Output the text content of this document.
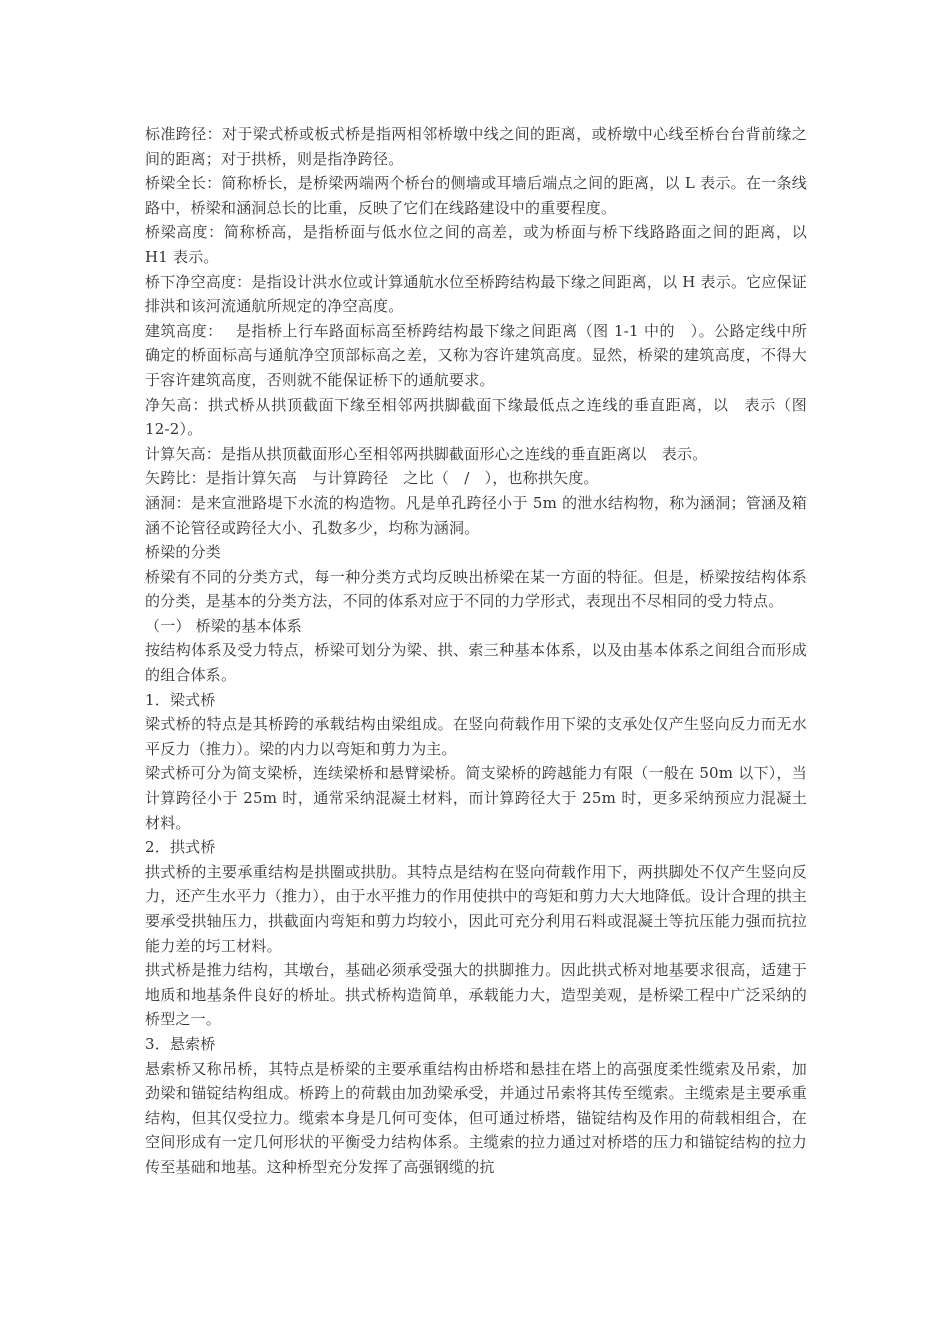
标准跨径：对于梁式桥或板式桥是指两相邻桥墩中线之间的距离，或桥墩中心线至桥台台背前缘之间的距离；对于拱桥，则是指净跨径。

桥梁全长：简称桥长，是桥梁两端两个桥台的侧墙或耳墙后端点之间的距离，以 L 表示。在一条线路中，桥梁和涵洞总长的比重，反映了它们在线路建设中的重要程度。

桥梁高度：简称桥高，是指桥面与低水位之间的高差，或为桥面与桥下线路路面之间的距离，以 H1 表示。

桥下净空高度：是指设计洪水位或计算通航水位至桥跨结构最下缘之间距离，以 H 表示。它应保证排洪和该河流通航所规定的净空高度。

建筑高度：　 是指桥上行车路面标高至桥跨结构最下缘之间距离（图 1-1 中的　）。公路定线中所确定的桥面标高与通航净空顶部标高之差，又称为容许建筑高度。显然，桥梁的建筑高度，不得大于容许建筑高度，否则就不能保证桥下的通航要求。

净矢高：拱式桥从拱顶截面下缘至相邻两拱脚截面下缘最低点之连线的垂直距离，以　表示（图 12-2）。

计算矢高：是指从拱顶截面形心至相邻两拱脚截面形心之连线的垂直距离以　表示。

矢跨比：是指计算矢高　与计算跨径　之比（　/　），也称拱矢度。

涵洞：是来宣泄路堤下水流的构造物。凡是单孔跨径小于 5m 的泄水结构物，称为涵洞；管涵及箱涵不论管径或跨径大小、孔数多少，均称为涵洞。

桥梁的分类

桥梁有不同的分类方式，每一种分类方式均反映出桥梁在某一方面的特征。但是，桥梁按结构体系的分类，是基本的分类方法，不同的体系对应于不同的力学形式，表现出不尽相同的受力特点。

（一） 桥梁的基本体系

按结构体系及受力特点，桥梁可划分为梁、拱、索三种基本体系，以及由基本体系之间组合而形成的组合体系。

1．梁式桥

梁式桥的特点是其桥跨的承载结构由梁组成。在竖向荷载作用下梁的支承处仅产生竖向反力而无水平反力（推力）。梁的内力以弯矩和剪力为主。

梁式桥可分为简支梁桥，连续梁桥和悬臂梁桥。简支梁桥的跨越能力有限（一般在 50m 以下），当计算跨径小于 25m 时，通常采纳混凝土材料，而计算跨径大于 25m 时，更多采纳预应力混凝土材料。

2．拱式桥

拱式桥的主要承重结构是拱圈或拱肋。其特点是结构在竖向荷载作用下，两拱脚处不仅产生竖向反力，还产生水平力（推力），由于水平推力的作用使拱中的弯矩和剪力大大地降低。设计合理的拱主要承受拱轴压力，拱截面内弯矩和剪力均较小，因此可充分利用石料或混凝土等抗压能力强而抗拉能力差的圬工材料。

拱式桥是推力结构，其墩台，基础必须承受强大的拱脚推力。因此拱式桥对地基要求很高，适建于地质和地基条件良好的桥址。拱式桥构造简单，承载能力大，造型美观，是桥梁工程中广泛采纳的桥型之一。

3．悬索桥

悬索桥又称吊桥，其特点是桥梁的主要承重结构由桥塔和悬挂在塔上的高强度柔性缆索及吊索，加劲梁和锚锭结构组成。桥跨上的荷载由加劲梁承受，并通过吊索将其传至缆索。主缆索是主要承重结构，但其仅受拉力。缆索本身是几何可变体，但可通过桥塔，锚锭结构及作用的荷载相组合，在空间形成有一定几何形状的平衡受力结构体系。主缆索的拉力通过对桥塔的压力和锚锭结构的拉力传至基础和地基。这种桥型充分发挥了高强钢缆的抗
